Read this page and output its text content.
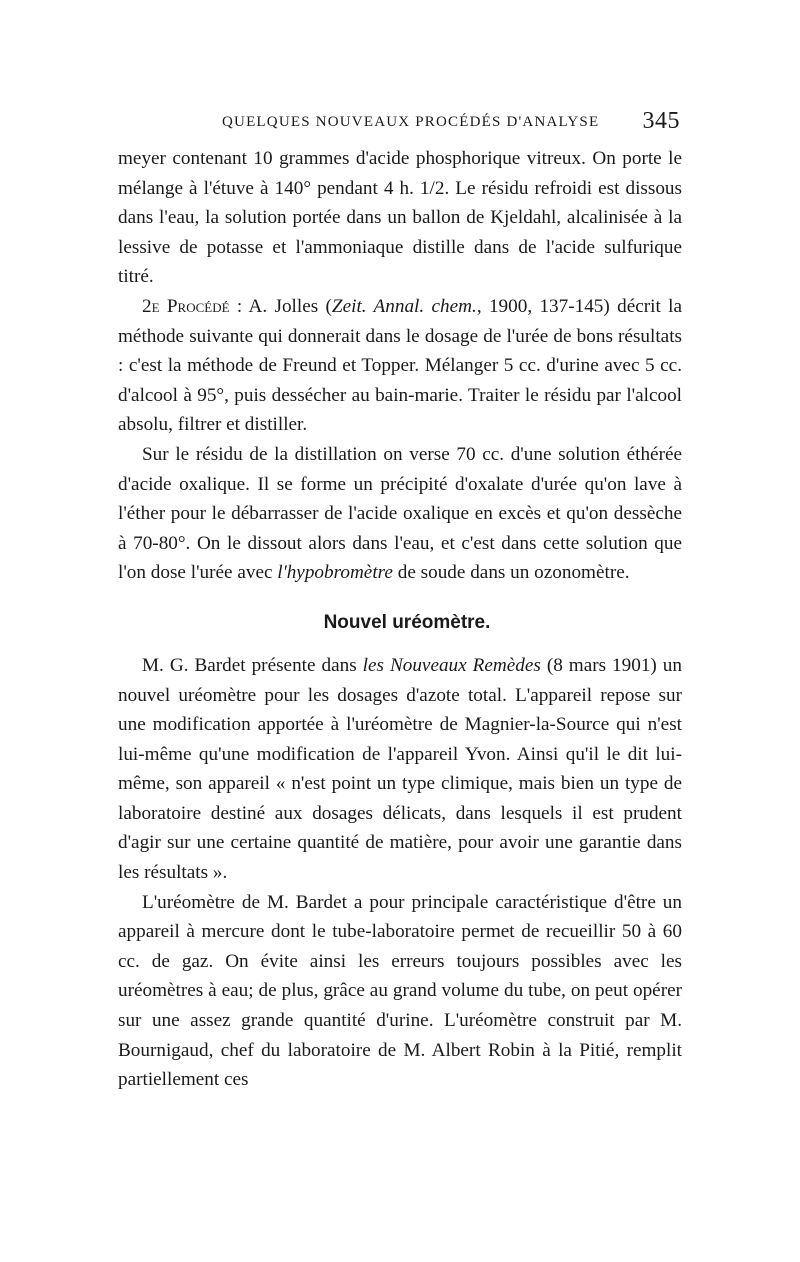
QUELQUES NOUVEAUX PROCÉDÉS D'ANALYSE 345

meyer contenant 10 grammes d'acide phosphorique vitreux. On porte le mélange à l'étuve à 140° pendant 4 h. 1/2. Le résidu refroidi est dissous dans l'eau, la solution portée dans un ballon de Kjeldahl, alcalinisée à la lessive de potasse et l'ammoniaque distille dans de l'acide sulfurique titré.

2e Procédé : A. Jolles (Zeit. Annal. chem., 1900, 137-145) décrit la méthode suivante qui donnerait dans le dosage de l'urée de bons résultats : c'est la méthode de Freund et Topper. Mélanger 5 cc. d'urine avec 5 cc. d'alcool à 95°, puis dessécher au bain-marie. Traiter le résidu par l'alcool absolu, filtrer et distiller.

Sur le résidu de la distillation on verse 70 cc. d'une solution éthérée d'acide oxalique. Il se forme un précipité d'oxalate d'urée qu'on lave à l'éther pour le débarrasser de l'acide oxalique en excès et qu'on dessèche à 70-80°. On le dissout alors dans l'eau, et c'est dans cette solution que l'on dose l'urée avec l'hypobromètre de soude dans un ozonomètre.

Nouvel uréomètre.

M. G. Bardet présente dans les Nouveaux Remèdes (8 mars 1901) un nouvel uréomètre pour les dosages d'azote total. L'appareil repose sur une modification apportée à l'uréomètre de Magnier-la-Source qui n'est lui-même qu'une modification de l'appareil Yvon. Ainsi qu'il le dit lui-même, son appareil « n'est point un type climique, mais bien un type de laboratoire destiné aux dosages délicats, dans lesquels il est prudent d'agir sur une certaine quantité de matière, pour avoir une garantie dans les résultats ».

L'uréomètre de M. Bardet a pour principale caractéristique d'être un appareil à mercure dont le tube-laboratoire permet de recueillir 50 à 60 cc. de gaz. On évite ainsi les erreurs toujours possibles avec les uréomètres à eau; de plus, grâce au grand volume du tube, on peut opérer sur une assez grande quantité d'urine. L'uréomètre construit par M. Bournigaud, chef du laboratoire de M. Albert Robin à la Pitié, remplit partiellement ces
